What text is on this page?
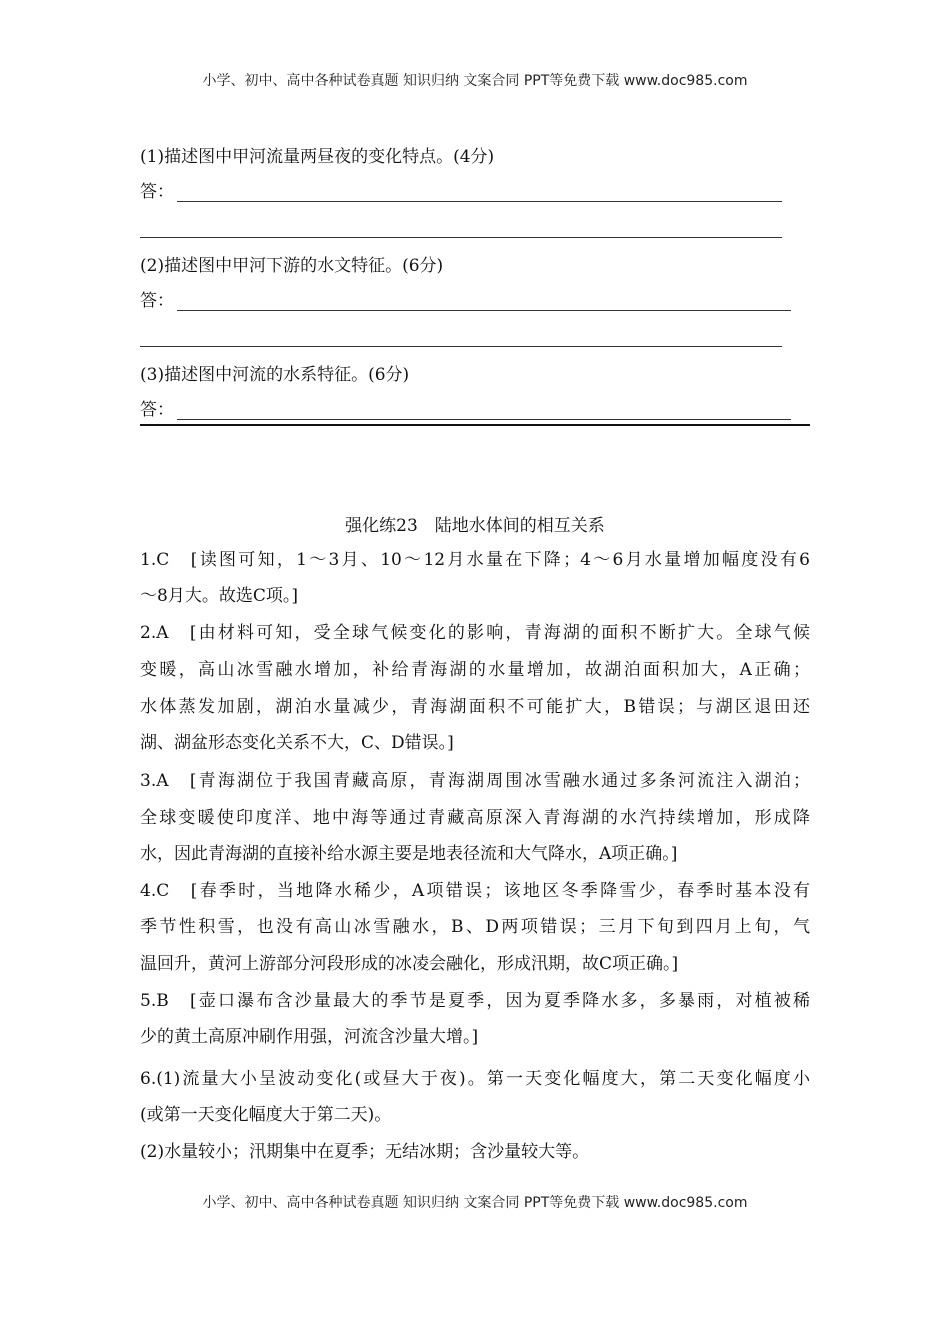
小学、初中、高中各种试卷真题 知识归纳 文案合同 PPT等免费下载 www.doc985.com
(1)描述图中甲河流量两昼夜的变化特点。(4分)
答：
(2)描述图中甲河下游的水文特征。(6分)
答：
(3)描述图中河流的水系特征。(6分)
答：
强化练23　陆地水体间的相互关系
1.C　[读图可知，1～3月、10～12月水量在下降；4～6月水量增加幅度没有6
～8月大。故选C项。]
2.A　[由材料可知，受全球气候变化的影响，青海湖的面积不断扩大。全球气候
变暖，高山冰雪融水增加，补给青海湖的水量增加，故湖泊面积加大，A正确；
水体蒸发加剧，湖泊水量减少，青海湖面积不可能扩大，B错误；与湖区退田还
湖、湖盆形态变化关系不大，C、D错误。]
3.A　[青海湖位于我国青藏高原，青海湖周围冰雪融水通过多条河流注入湖泊；
全球变暖使印度洋、地中海等通过青藏高原深入青海湖的水汽持续增加，形成降
水，因此青海湖的直接补给水源主要是地表径流和大气降水，A项正确。]
4.C　[春季时，当地降水稀少，A项错误；该地区冬季降雪少，春季时基本没有
季节性积雪，也没有高山冰雪融水，B、D两项错误；三月下旬到四月上旬，气
温回升，黄河上游部分河段形成的冰凌会融化，形成汛期，故C项正确。]
5.B　[壶口瀑布含沙量最大的季节是夏季，因为夏季降水多，多暴雨，对植被稀
少的黄土高原冲刷作用强，河流含沙量大增。]
6.(1)流量大小呈波动变化(或昼大于夜)。第一天变化幅度大，第二天变化幅度小
(或第一天变化幅度大于第二天)。
(2)水量较小；汛期集中在夏季；无结冰期；含沙量较大等。
小学、初中、高中各种试卷真题 知识归纳 文案合同 PPT等免费下载 www.doc985.com
